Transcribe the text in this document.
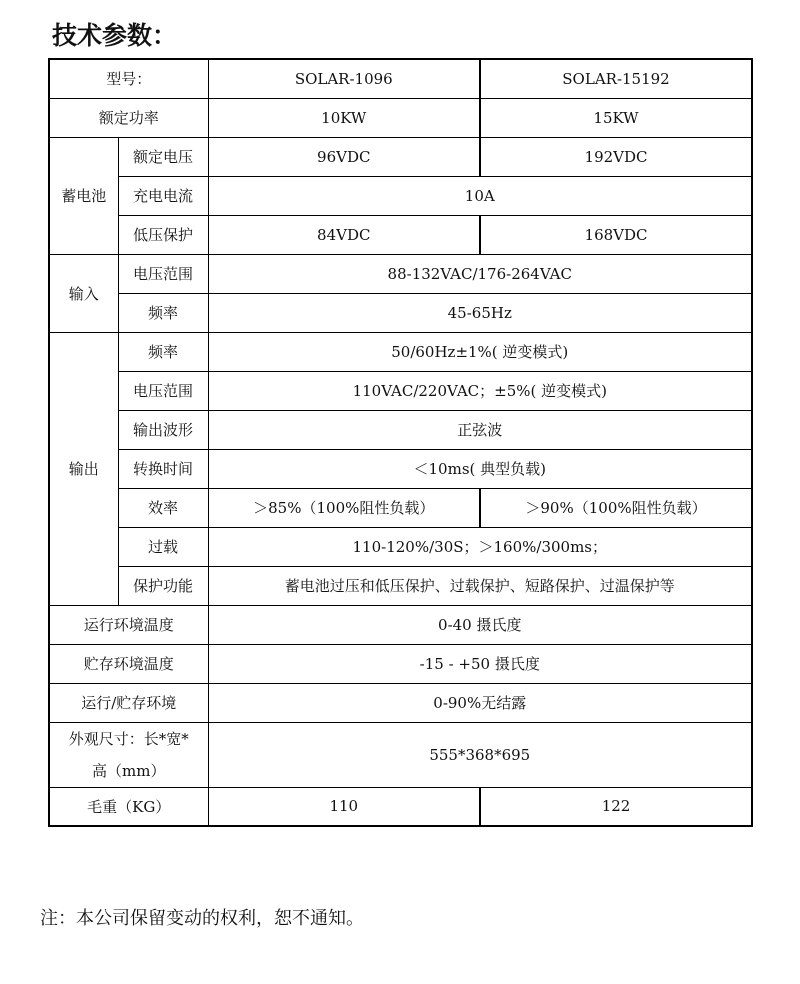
技术参数：
型号：		SOLAR-1096	SOLAR-15192
额定功率		10KW	15KW
蓄电池	额定电压	96VDC	192VDC
	充电电流	10A	
	低压保护	84VDC	168VDC
输入	电压范围	88-132VAC/176-264VAC	
	频率	45-65Hz	
输出	频率	50/60Hz±1%( 逆变模式)	
	电压范围	110VAC/220VAC；±5%( 逆变模式)	
	输出波形	正弦波	
	转换时间	＜10ms( 典型负载)	
	效率	＞85%（100%阻性负载）	＞90%（100%阻性负载）
	过载	110-120%/30S；＞160%/300ms；	
	保护功能	蓄电池过压和低压保护、过载保护、短路保护、过温保护等	
运行环境温度		0-40 摄氏度	
贮存环境温度		-15 - +50 摄氏度	
运行/贮存环境		0-90%无结露	
外观尺寸：长*宽*
高（mm）		555*368*695	
毛重（KG）		110	122
注：本公司保留变动的权利，恕不通知。
